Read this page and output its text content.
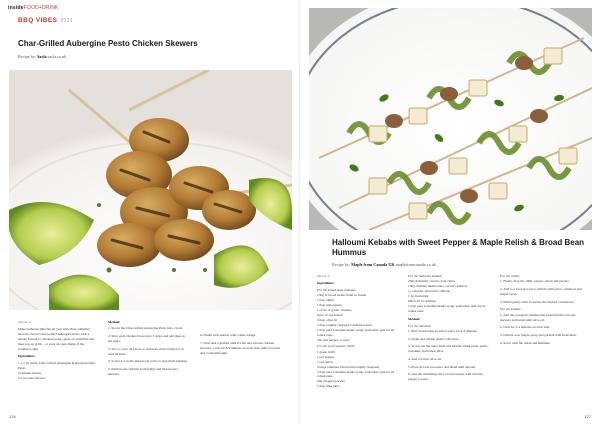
insideFOOD+DRINK
BBQ VIBES 2021
Char-Grilled Aubergine Pesto Chicken Skewers
Recipe by: Sacla sacla.co.uk
Serves: 4

Make barbecue time fun all year with these summery skewers. Sacla' Char-Grilled Aubergine Pesto adds a smoky flavour to chicken breast, spear on with lime and then pop on grills – or even an open flame, if the weather's right.

Ingredients:
1 x 2 jar Sacla' Char-Grilled Aubergine & Roasted Garlic Pesto
4 chicken breasts
2 x wooden skewers
Method:

1. Spoon the Char-Grilled Aubergine Pesto into a bowl.

2. Slice each chicken breast into 3 strips and add these to the pesto.

3. Stir to cover and leave to marinate in the fridge for at least an hour.

4. Soak 12 wooden skewers in water to stop them burning.

5. Remove the chicken from fridge and thread onto skewers.

6. Finish each skewer with a lime wedge.

7. Next heat a griddle until it's hot and add the chicken skewers. Cook for 8-9 minutes on each side, until browned and cooked through.

126
Halloumi Kebabs with Sweet Pepper & Maple Relish & Broad Bean Hummus
Recipe by: Maple from Canada UK maplefromcanada.co.uk
Serves: 4
Ingredients:
For the broad bean hummus:
150g of broad beans, fresh or frozen
1 tbsp tahini
1 tbsp lemon juice
1 clove of garlic, crushed
Juice of one lemon
3 tbsp olive oil
1 tbsp roughly chopped coriander leaves
1 tbsp pure Canadian maple syrup, preferably pale for its robust taste
Salt and pepper, to taste
For the sweet pepper relish:
1 green chilli
1 red pepper
1 red onion
4 large tomatoes (diced and roughly chopped)
2 tbsp pure Canadian maple syrup, preferably pale for its robust taste
20g chopped parsley
1 tbsp lime juice
For the halloumi kebabs:
250g halloumi, cut into 2cm cubes
100g chestnut mushrooms, cut into quarters
1 courgette, sliced into ribbons
1 2g fresh mint
Olive oil for grilling
1 tbsp pure Canadian maple syrup, preferably dark for its robust taste
Method:
For the hummus:

1. Boil broad beans in salted water for 4-5 minutes.

2. Drain and refresh under cold water.

3. Scoop out the outer flesh and add the tahini paste, garlic, coriander and lemon juice.

4. Add 3-4 tbsp olive oil.

5. Place in food processor and blend until smooth.

6. Add the remaining olive oil and season with salt and pepper to taste.

For the relish:

1. Finely chop the chilli, pepper, onion and parsley.

2. Add to a food processor with the lime juice, tomatoes and maple syrup.

3. Blend gently until it reaches the desired consistency.

For the kebabs:

1. Add the courgette, mushrooms and halloumi onto the skewers and brush with olive oil.

2. Grill for 3-4 minutes on each side.

3. Drizzle over maple syrup and garnish with fresh mint.

4. Serve with the relish and hummus.

127
